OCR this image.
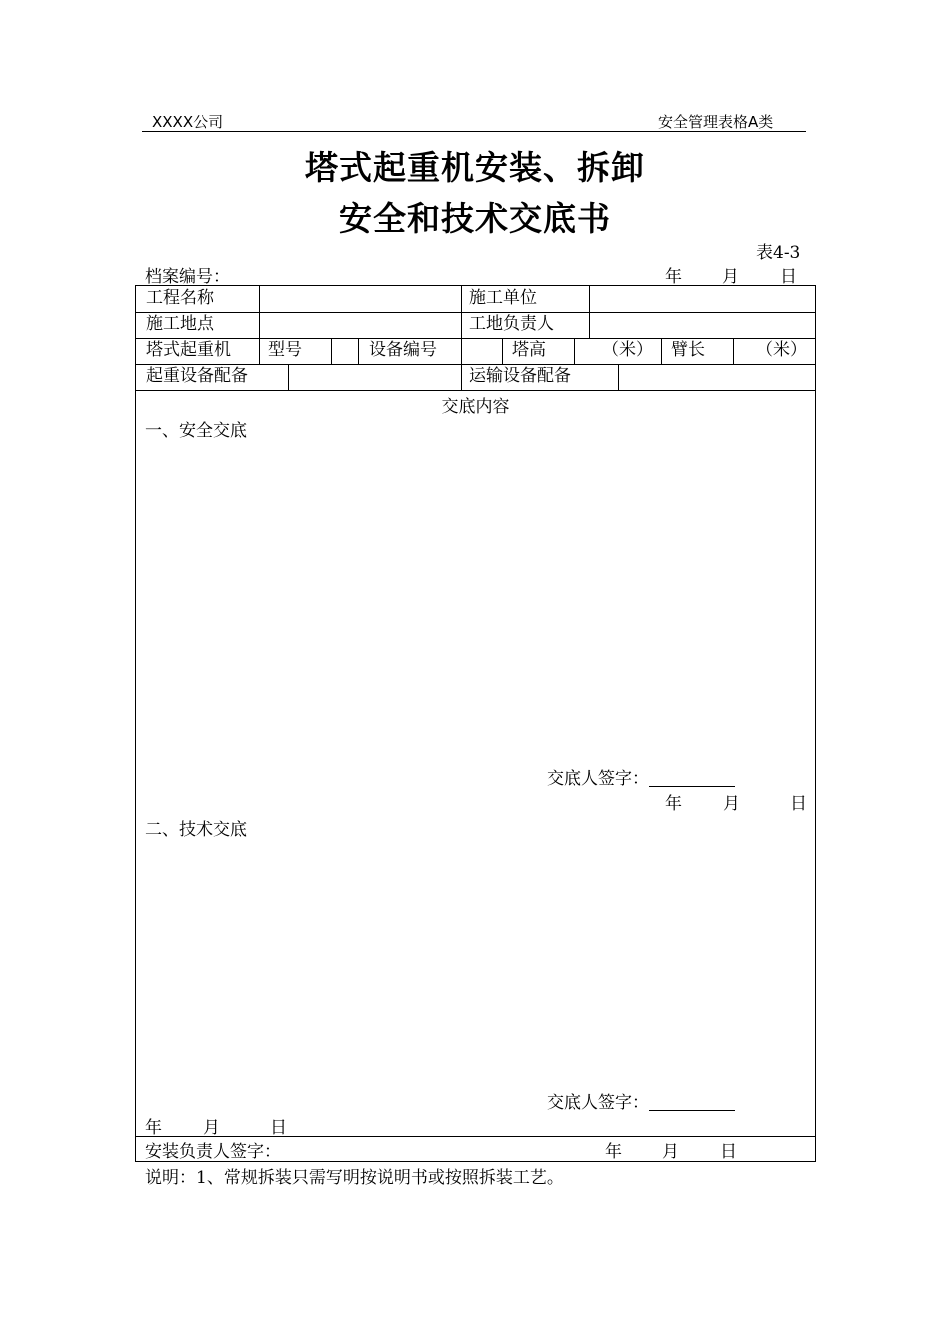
XXXX公司	安全管理表格A类
塔式起重机安装、拆卸
安全和技术交底书
表4-3
档案编号：	年 月 日
工程名称	施工单位
施工地点	工地负责人
塔式起重机 型号	设备编号	塔高	（米） 臂长	（米）
起重设备配备	运输设备配备
交底内容
一、安全交底
交底人签字：
年 月	日
二、技术交底
交底人签字：
年 月	日
安装负责人签字：	年 月 日
说明：1、常规拆装只需写明按说明书或按照拆装工艺。
